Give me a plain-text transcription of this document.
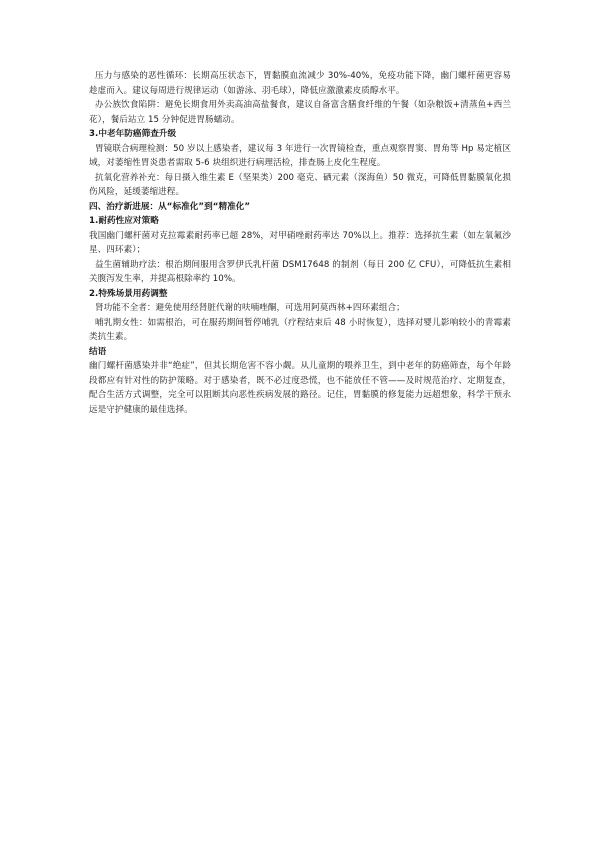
压力与感染的恶性循环：长期高压状态下，胃黏膜血流减少 30%-40%，免疫功能下降，幽门螺杆菌更容易趁虚而入。建议每周进行规律运动（如游泳、羽毛球），降低应激激素皮质醇水平。

办公族饮食陷阱：避免长期食用外卖高油高盐餐食，建议自备富含膳食纤维的午餐（如杂粮饭+清蒸鱼+西兰花），餐后站立 15 分钟促进胃肠蠕动。

3.中老年防癌筛查升级

胃镜联合病理检测：50 岁以上感染者，建议每 3 年进行一次胃镜检查，重点观察胃窦、胃角等 Hp 易定植区域，对萎缩性胃炎患者需取 5-6 块组织进行病理活检，排查肠上皮化生程度。

抗氧化营养补充：每日摄入维生素 E（坚果类）200 毫克、硒元素（深海鱼）50 微克，可降低胃黏膜氧化损伤风险，延缓萎缩进程。

四、治疗新进展：从“标准化”到“精准化”
1.耐药性应对策略

我国幽门螺杆菌对克拉霉素耐药率已超 28%，对甲硝唑耐药率达 70%以上。推荐：选择抗生素（如左氧氟沙星、四环素）；

益生菌辅助疗法：根治期间服用含罗伊氏乳杆菌 DSM17648 的制剂（每日 200 亿 CFU），可降低抗生素相关腹泻发生率，并提高根除率约 10%。

2.特殊场景用药调整

肾功能不全者：避免使用经肾脏代谢的呋喃唑酮，可选用阿莫西林+四环素组合；

哺乳期女性：如需根治，可在服药期间暂停哺乳（疗程结束后 48 小时恢复），选择对婴儿影响较小的青霉素类抗生素。

结语

幽门螺杆菌感染并非“绝症”，但其长期危害不容小觑。从儿童期的喂养卫生，到中老年的防癌筛查，每个年龄段都应有针对性的防护策略。对于感染者，既不必过度恐慌，也不能放任不管——及时规范治疗、定期复查，配合生活方式调整，完全可以阻断其向恶性疾病发展的路径。记住，胃黏膜的修复能力远超想象，科学干预永远是守护健康的最佳选择。
